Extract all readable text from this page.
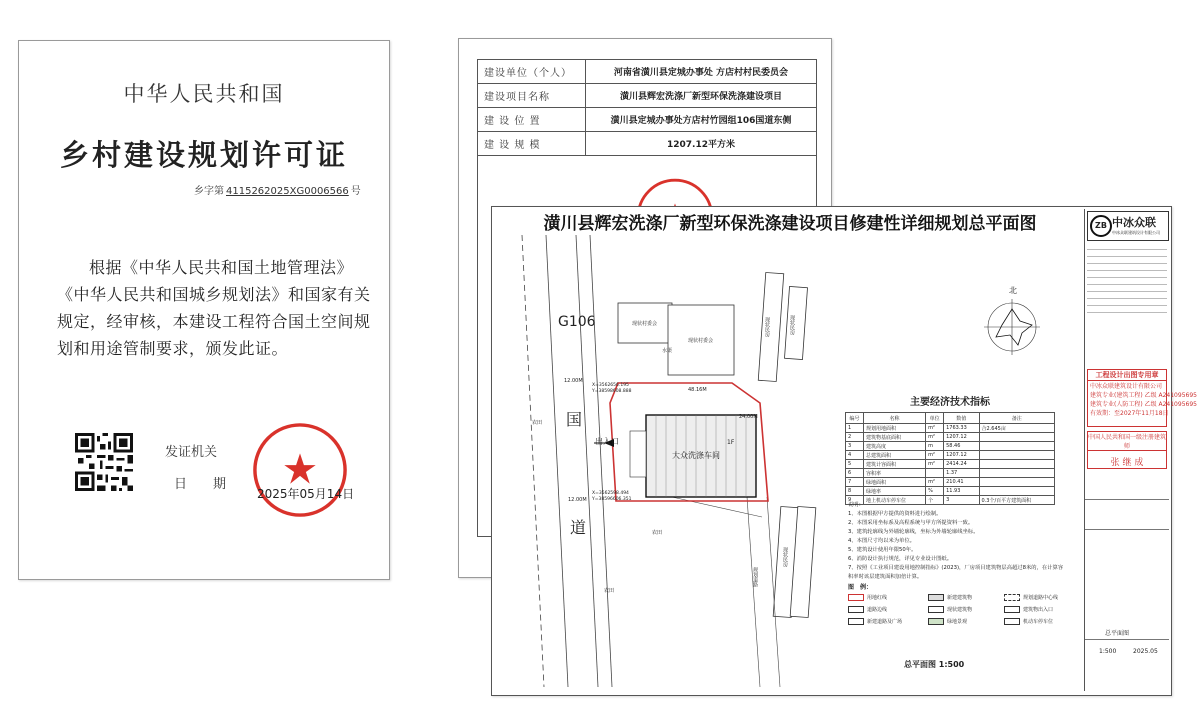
中华人民共和国
乡村建设规划许可证
乡字第 4115262025XG0006566 号
根据《中华人民共和国土地管理法》《中华人民共和国城乡规划法》和国家有关规定，经审核，本建设工程符合国土空间规划和用途管制要求，颁发此证。
发证机关
日　　期
2025年05月14日
建设单位（个人）	河南省潢川县定城办事处 方店村村民委员会
建设项目名称	潢川县辉宏洗涤厂新型环保洗涤建设项目
建 设 位 置	潢川县定城办事处方店村竹园组106国道东侧
建 设 规 模	1207.12平方米

潢川县辉宏洗涤厂新型环保洗涤建设项目修建性详细规划总平面图
G106
国
道
出入口
大众洗涤车间
1F
48.16M
24.00M
12.00M
12.00M
现状村委会
现状村委会
现状民房	现状民房
规划道路
现状民房
水渠
农田
农田
农田
X=3562656.195
Y=38598608.888
X=3562598.494
Y=38596606.351
北
主要经济技术指标
编号	名称	单位	数值	备注
1	规划用地面积	m²	1763.33	合2.645亩
2	建筑物基底面积	m²	1207.12	
3	建筑高度	m	58.46	
4	总建筑面积	m²	1207.12	
5	建筑计容面积	m²	2414.24	
6	容积率		1.37	
7	绿地面积	m²	210.41	
8	绿地率	%	11.93	
9	地上机动车停车位	个	3	0.3个/百平方建筑面积
说明：
1、本图根据甲方提供的资料进行绘制。
2、本图采用坐标系及高程系统与甲方所提资料一致。
3、建筑轮廓线为外墙轮廓线，坐标为外墙轮廓线坐标。
4、本图尺寸均以米为单位。
5、建筑设计使用年限50年。
6、消防设计执行规范，详见专业设计图纸。
7、按照《工业项目建设用地控制指标》(2023)，厂房项目建筑物层高超过8米的，在计算容积率时该层建筑面积加倍计算。
图　例：
用地红线
道路边线
新建道路及广场
新建建筑物
现状建筑物
绿地景观
规划道路中心线
建筑物出入口
机动车停车位
总平面图 1:500
ZB 中冰众联
中冰众联建筑设计有限公司
工程设计出图专用章
中冰众联建筑设计有限公司
建筑专业(建筑工程) 乙级 A241095695
建筑专业(人防工程) 乙级 A241095695
有效期：至2027年11月18日
中国人民共和国一级注册建筑师
张 继 成
1:500	2025.05
总平面图
